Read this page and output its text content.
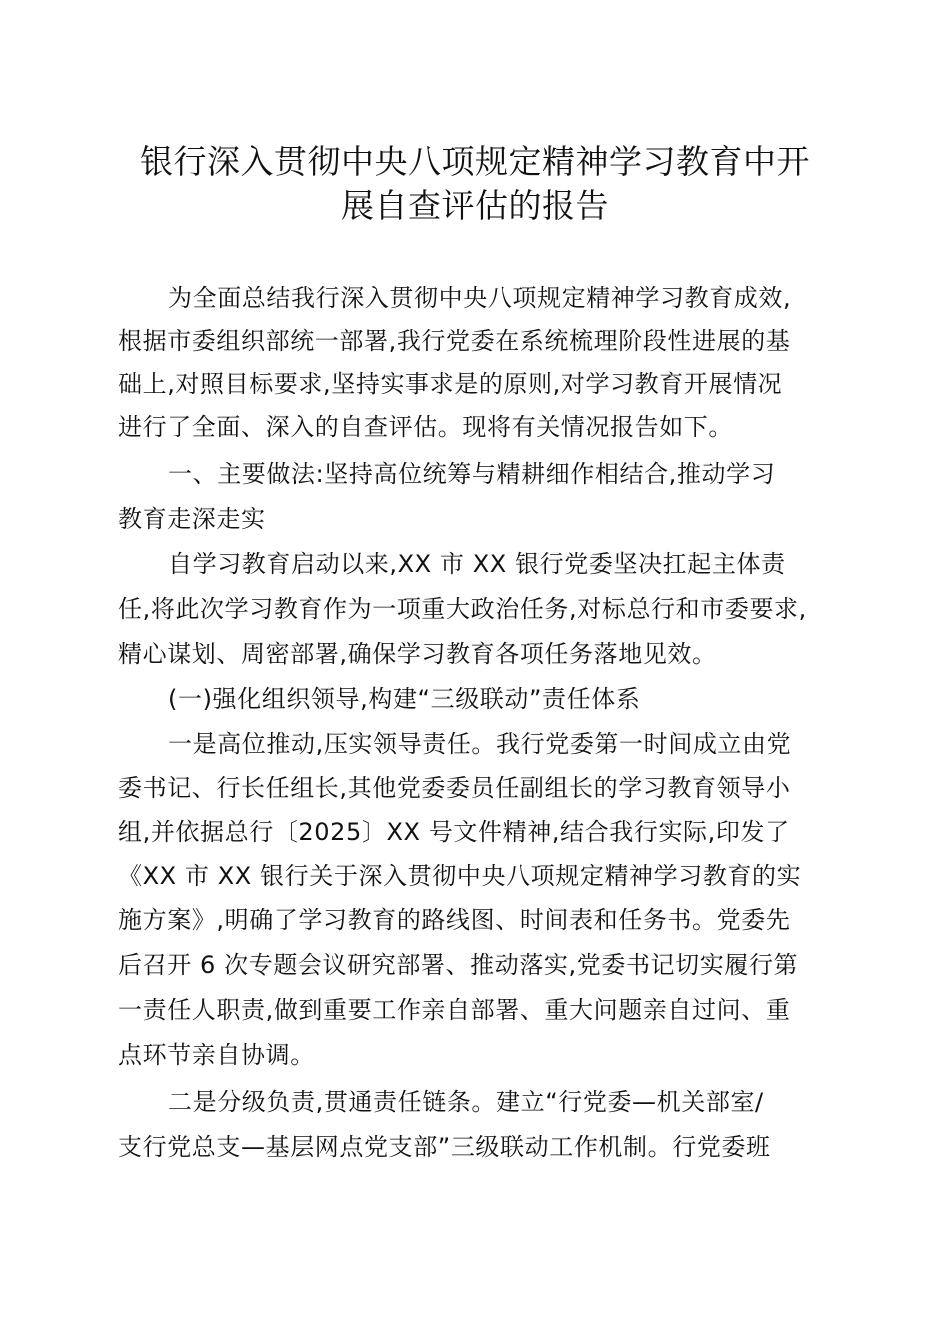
银行深入贯彻中央八项规定精神学习教育中开
展自查评估的报告
为全面总结我行深入贯彻中央八项规定精神学习教育成效,
根据市委组织部统一部署,我行党委在系统梳理阶段性进展的基
础上,对照目标要求,坚持实事求是的原则,对学习教育开展情况
进行了全面、深入的自查评估。现将有关情况报告如下。
一、主要做法:坚持高位统筹与精耕细作相结合,推动学习
教育走深走实
自学习教育启动以来,XX 市 XX 银行党委坚决扛起主体责
任,将此次学习教育作为一项重大政治任务,对标总行和市委要求,
精心谋划、周密部署,确保学习教育各项任务落地见效。
(一)强化组织领导,构建“三级联动”责任体系
一是高位推动,压实领导责任。我行党委第一时间成立由党
委书记、行长任组长,其他党委委员任副组长的学习教育领导小
组,并依据总行〔2025〕XX 号文件精神,结合我行实际,印发了
《XX 市 XX 银行关于深入贯彻中央八项规定精神学习教育的实
施方案》,明确了学习教育的路线图、时间表和任务书。党委先
后召开 6 次专题会议研究部署、推动落实,党委书记切实履行第
一责任人职责,做到重要工作亲自部署、重大问题亲自过问、重
点环节亲自协调。
二是分级负责,贯通责任链条。建立“行党委—机关部室/
支行党总支—基层网点党支部”三级联动工作机制。行党委班
